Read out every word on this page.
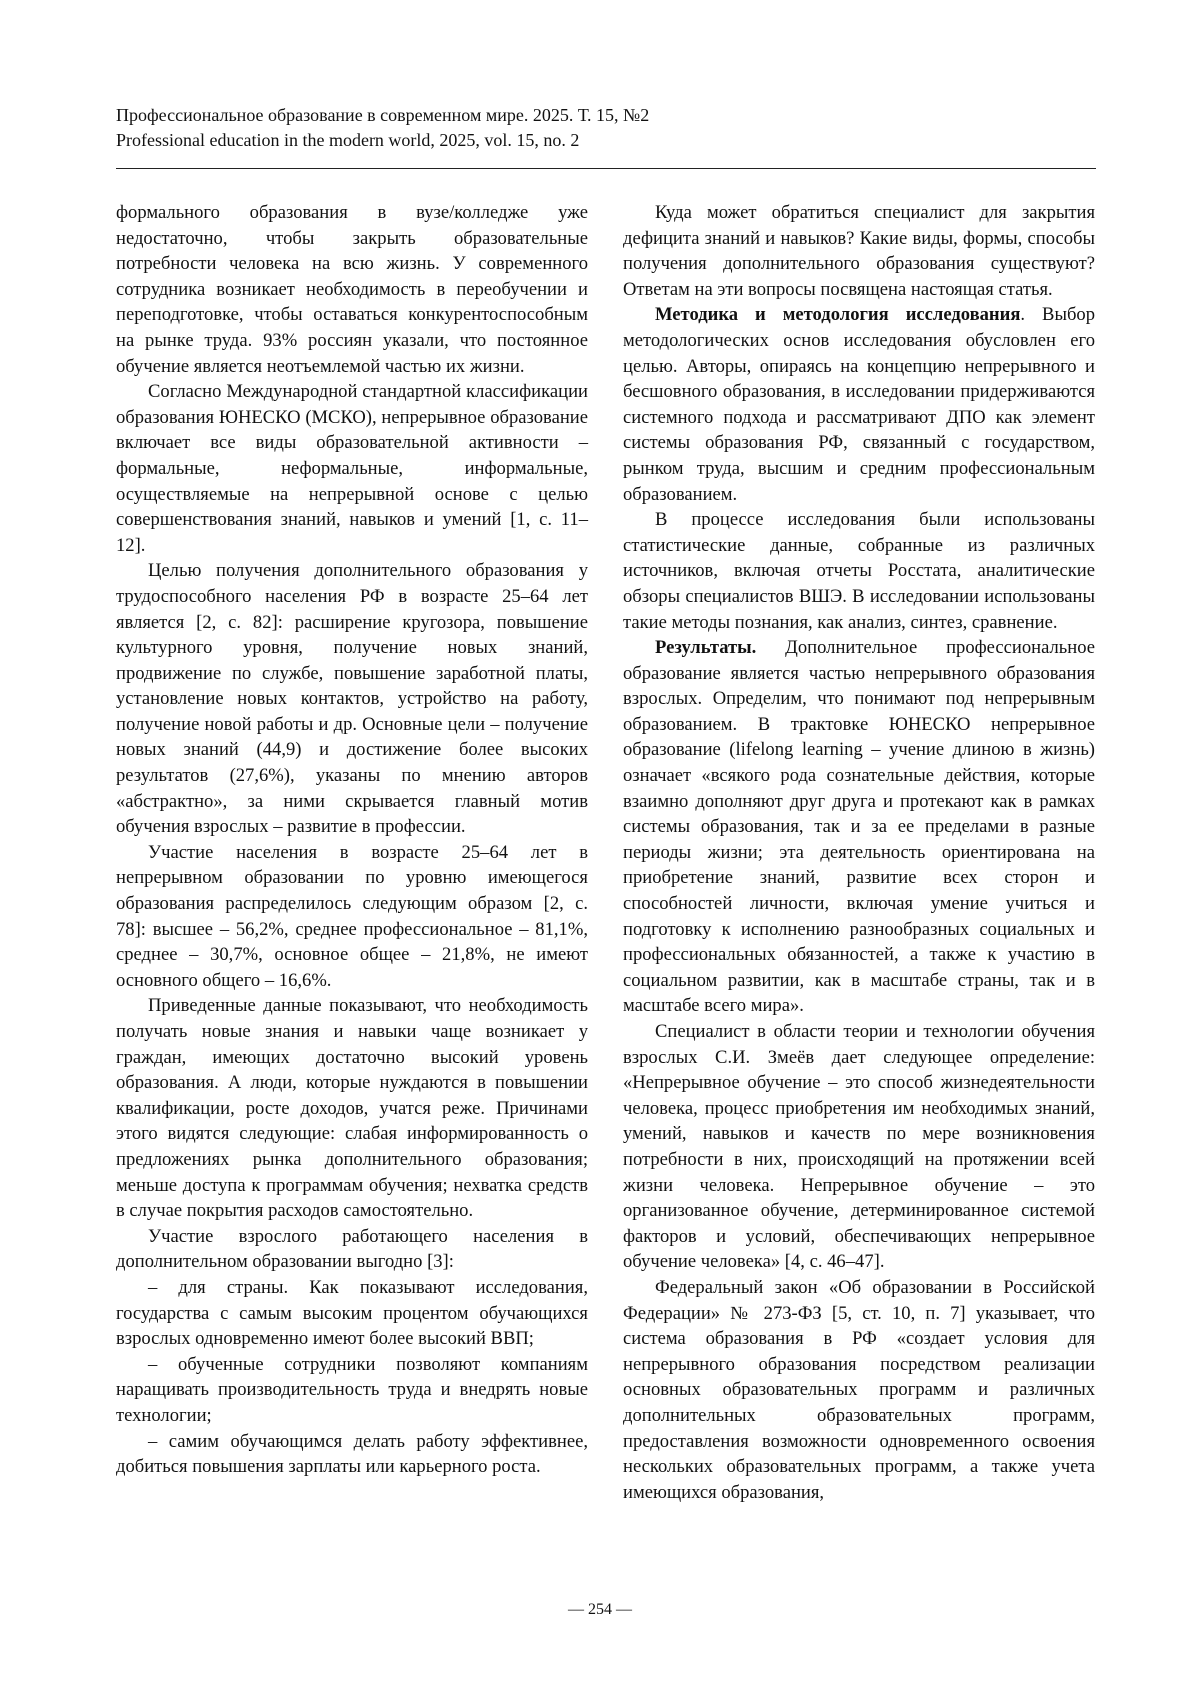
Профессиональное образование в современном мире. 2025. Т. 15, №2
Professional education in the modern world, 2025, vol. 15, no. 2

формального образования в вузе/колледже уже недостаточно, чтобы закрыть образовательные потребности человека на всю жизнь. У современного сотрудника возникает необходимость в переобучении и переподготовке, чтобы оставаться конкурентоспособным на рынке труда. 93% россиян указали, что постоянное обучение является неотъемлемой частью их жизни.

Согласно Международной стандартной классификации образования ЮНЕСКО (МСКО), непрерывное образование включает все виды образовательной активности – формальные, неформальные, информальные, осуществляемые на непрерывной основе с целью совершенствования знаний, навыков и умений [1, с. 11–12].

Целью получения дополнительного образования у трудоспособного населения РФ в возрасте 25–64 лет является [2, с. 82]: расширение кругозора, повышение культурного уровня, получение новых знаний, продвижение по службе, повышение заработной платы, установление новых контактов, устройство на работу, получение новой работы и др. Основные цели – получение новых знаний (44,9) и достижение более высоких результатов (27,6%), указаны по мнению авторов «абстрактно», за ними скрывается главный мотив обучения взрослых – развитие в профессии.

Участие населения в возрасте 25–64 лет в непрерывном образовании по уровню имеющегося образования распределилось следующим образом [2, с. 78]: высшее – 56,2%, среднее профессиональное – 81,1%, среднее – 30,7%, основное общее – 21,8%, не имеют основного общего – 16,6%.

Приведенные данные показывают, что необходимость получать новые знания и навыки чаще возникает у граждан, имеющих достаточно высокий уровень образования. А люди, которые нуждаются в повышении квалификации, росте доходов, учатся реже. Причинами этого видятся следующие: слабая информированность о предложениях рынка дополнительного образования; меньше доступа к программам обучения; нехватка средств в случае покрытия расходов самостоятельно.

Участие взрослого работающего населения в дополнительном образовании выгодно [3]:

– для страны. Как показывают исследования, государства с самым высоким процентом обучающихся взрослых одновременно имеют более высокий ВВП;

– обученные сотрудники позволяют компаниям наращивать производительность труда и внедрять новые технологии;

– самим обучающимся делать работу эффективнее, добиться повышения зарплаты или карьерного роста.

Куда может обратиться специалист для закрытия дефицита знаний и навыков? Какие виды, формы, способы получения дополнительного образования существуют? Ответам на эти вопросы посвящена настоящая статья.

Методика и методология исследования. Выбор методологических основ исследования обусловлен его целью. Авторы, опираясь на концепцию непрерывного и бесшовного образования, в исследовании придерживаются системного подхода и рассматривают ДПО как элемент системы образования РФ, связанный с государством, рынком труда, высшим и средним профессиональным образованием.

В процессе исследования были использованы статистические данные, собранные из различных источников, включая отчеты Росстата, аналитические обзоры специалистов ВШЭ. В исследовании использованы такие методы познания, как анализ, синтез, сравнение.

Результаты. Дополнительное профессиональное образование является частью непрерывного образования взрослых. Определим, что понимают под непрерывным образованием. В трактовке ЮНЕСКО непрерывное образование (lifelong learning – учение длиною в жизнь) означает «всякого рода сознательные действия, которые взаимно дополняют друг друга и протекают как в рамках системы образования, так и за ее пределами в разные периоды жизни; эта деятельность ориентирована на приобретение знаний, развитие всех сторон и способностей личности, включая умение учиться и подготовку к исполнению разнообразных социальных и профессиональных обязанностей, а также к участию в социальном развитии, как в масштабе страны, так и в масштабе всего мира».

Специалист в области теории и технологии обучения взрослых С.И. Змеёв дает следующее определение: «Непрерывное обучение – это способ жизнедеятельности человека, процесс приобретения им необходимых знаний, умений, навыков и качеств по мере возникновения потребности в них, происходящий на протяжении всей жизни человека. Непрерывное обучение – это организованное обучение, детерминированное системой факторов и условий, обеспечивающих непрерывное обучение человека» [4, с. 46–47].

Федеральный закон «Об образовании в Российской Федерации» № 273-ФЗ [5, ст. 10, п. 7] указывает, что система образования в РФ «создает условия для непрерывного образования посредством реализации основных образовательных программ и различных дополнительных образовательных программ, предоставления возможности одновременного освоения нескольких образовательных программ, а также учета имеющихся образования,

— 254 —
